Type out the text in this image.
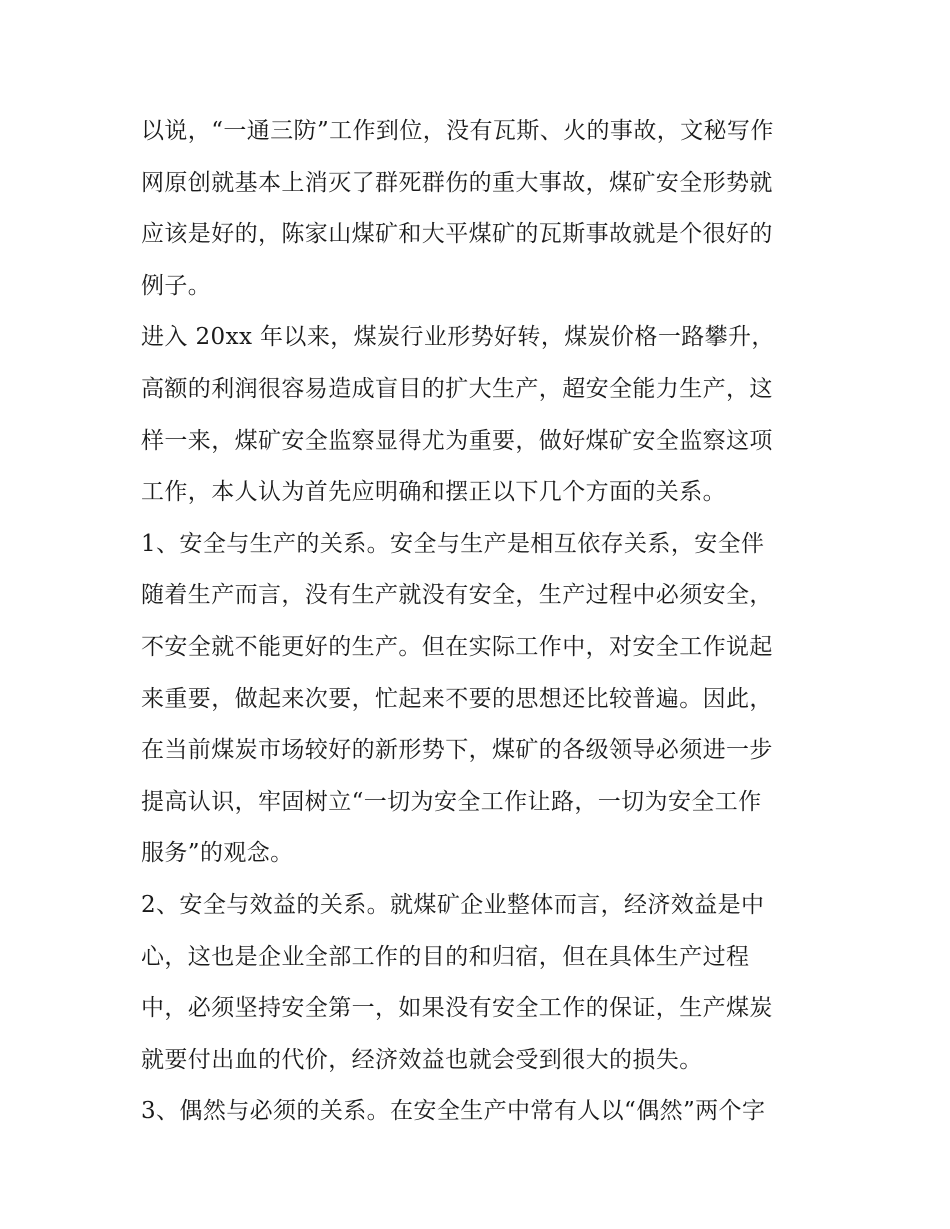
以说，“一通三防”工作到位，没有瓦斯、火的事故，文秘写作
网原创就基本上消灭了群死群伤的重大事故，煤矿安全形势就
应该是好的，陈家山煤矿和大平煤矿的瓦斯事故就是个很好的
例子。
进入 20xx 年以来，煤炭行业形势好转，煤炭价格一路攀升，
高额的利润很容易造成盲目的扩大生产，超安全能力生产，这
样一来，煤矿安全监察显得尤为重要，做好煤矿安全监察这项
工作，本人认为首先应明确和摆正以下几个方面的关系。
1、安全与生产的关系。安全与生产是相互依存关系，安全伴
随着生产而言，没有生产就没有安全，生产过程中必须安全，
不安全就不能更好的生产。但在实际工作中，对安全工作说起
来重要，做起来次要，忙起来不要的思想还比较普遍。因此，
在当前煤炭市场较好的新形势下，煤矿的各级领导必须进一步
提高认识，牢固树立“一切为安全工作让路，一切为安全工作
服务”的观念。
2、安全与效益的关系。就煤矿企业整体而言，经济效益是中
心，这也是企业全部工作的目的和归宿，但在具体生产过程
中，必须坚持安全第一，如果没有安全工作的保证，生产煤炭
就要付出血的代价，经济效益也就会受到很大的损失。
3、偶然与必须的关系。在安全生产中常有人以“偶然”两个字
